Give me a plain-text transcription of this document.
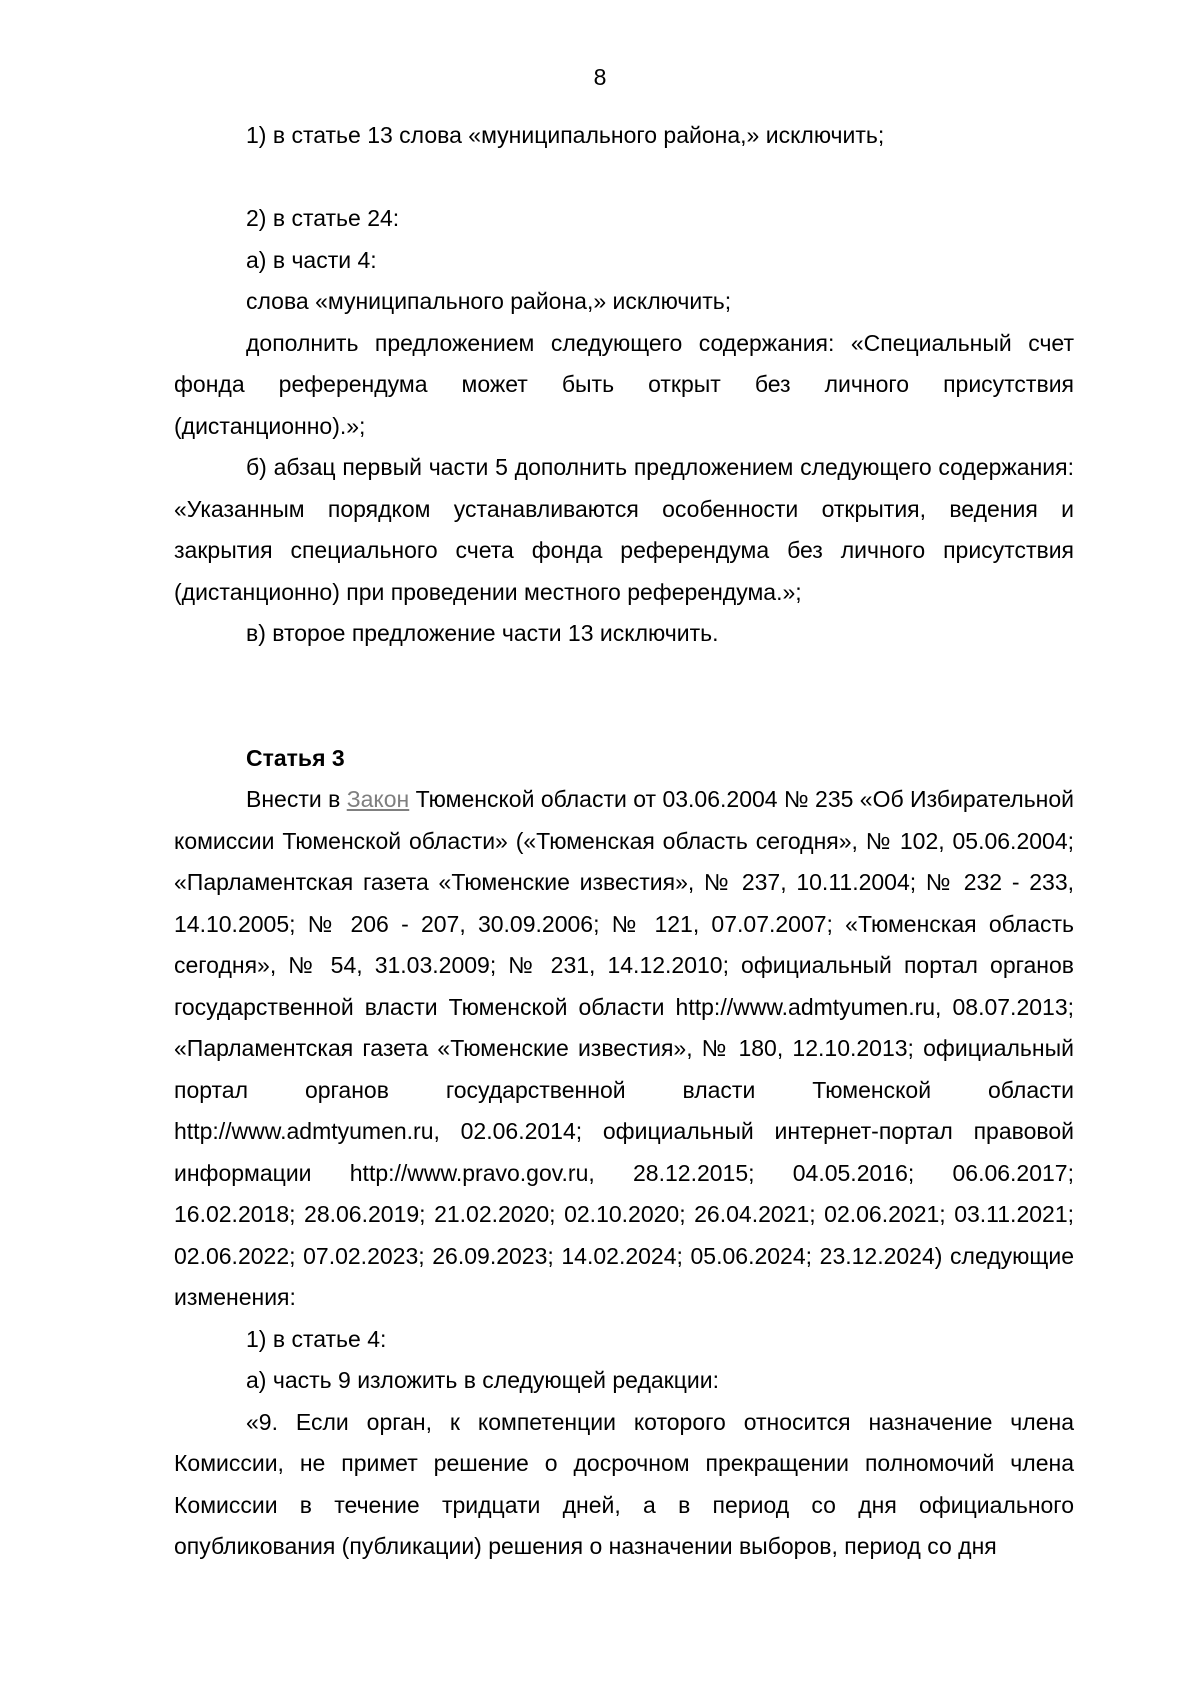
8

1) в статье 13 слова «муниципального района,» исключить;

2) в статье 24:

а) в части 4:

слова «муниципального района,» исключить;

дополнить предложением следующего содержания: «Специальный счет фонда референдума может быть открыт без личного присутствия (дистанционно).»;

б) абзац первый части 5 дополнить предложением следующего содержания: «Указанным порядком устанавливаются особенности открытия, ведения и закрытия специального счета фонда референдума без личного присутствия (дистанционно) при проведении местного референдума.»;

в) второе предложение части 13 исключить.

Статья 3

Внести в Закон Тюменской области от 03.06.2004 № 235 «Об Избирательной комиссии Тюменской области» («Тюменская область сегодня», № 102, 05.06.2004; «Парламентская газета «Тюменские известия», № 237, 10.11.2004; № 232 - 233, 14.10.2005; № 206 - 207, 30.09.2006; № 121, 07.07.2007; «Тюменская область сегодня», № 54, 31.03.2009; № 231, 14.12.2010; официальный портал органов государственной власти Тюменской области http://www.admtyumen.ru, 08.07.2013; «Парламентская газета «Тюменские известия», № 180, 12.10.2013; официальный портал органов государственной власти Тюменской области http://www.admtyumen.ru, 02.06.2014; официальный интернет-портал правовой информации http://www.pravo.gov.ru, 28.12.2015; 04.05.2016; 06.06.2017; 16.02.2018; 28.06.2019; 21.02.2020; 02.10.2020; 26.04.2021; 02.06.2021; 03.11.2021; 02.06.2022; 07.02.2023; 26.09.2023; 14.02.2024; 05.06.2024; 23.12.2024) следующие изменения:

1) в статье 4:

а) часть 9 изложить в следующей редакции:

«9. Если орган, к компетенции которого относится назначение члена Комиссии, не примет решение о досрочном прекращении полномочий члена Комиссии в течение тридцати дней, а в период со дня официального опубликования (публикации) решения о назначении выборов, период со дня
